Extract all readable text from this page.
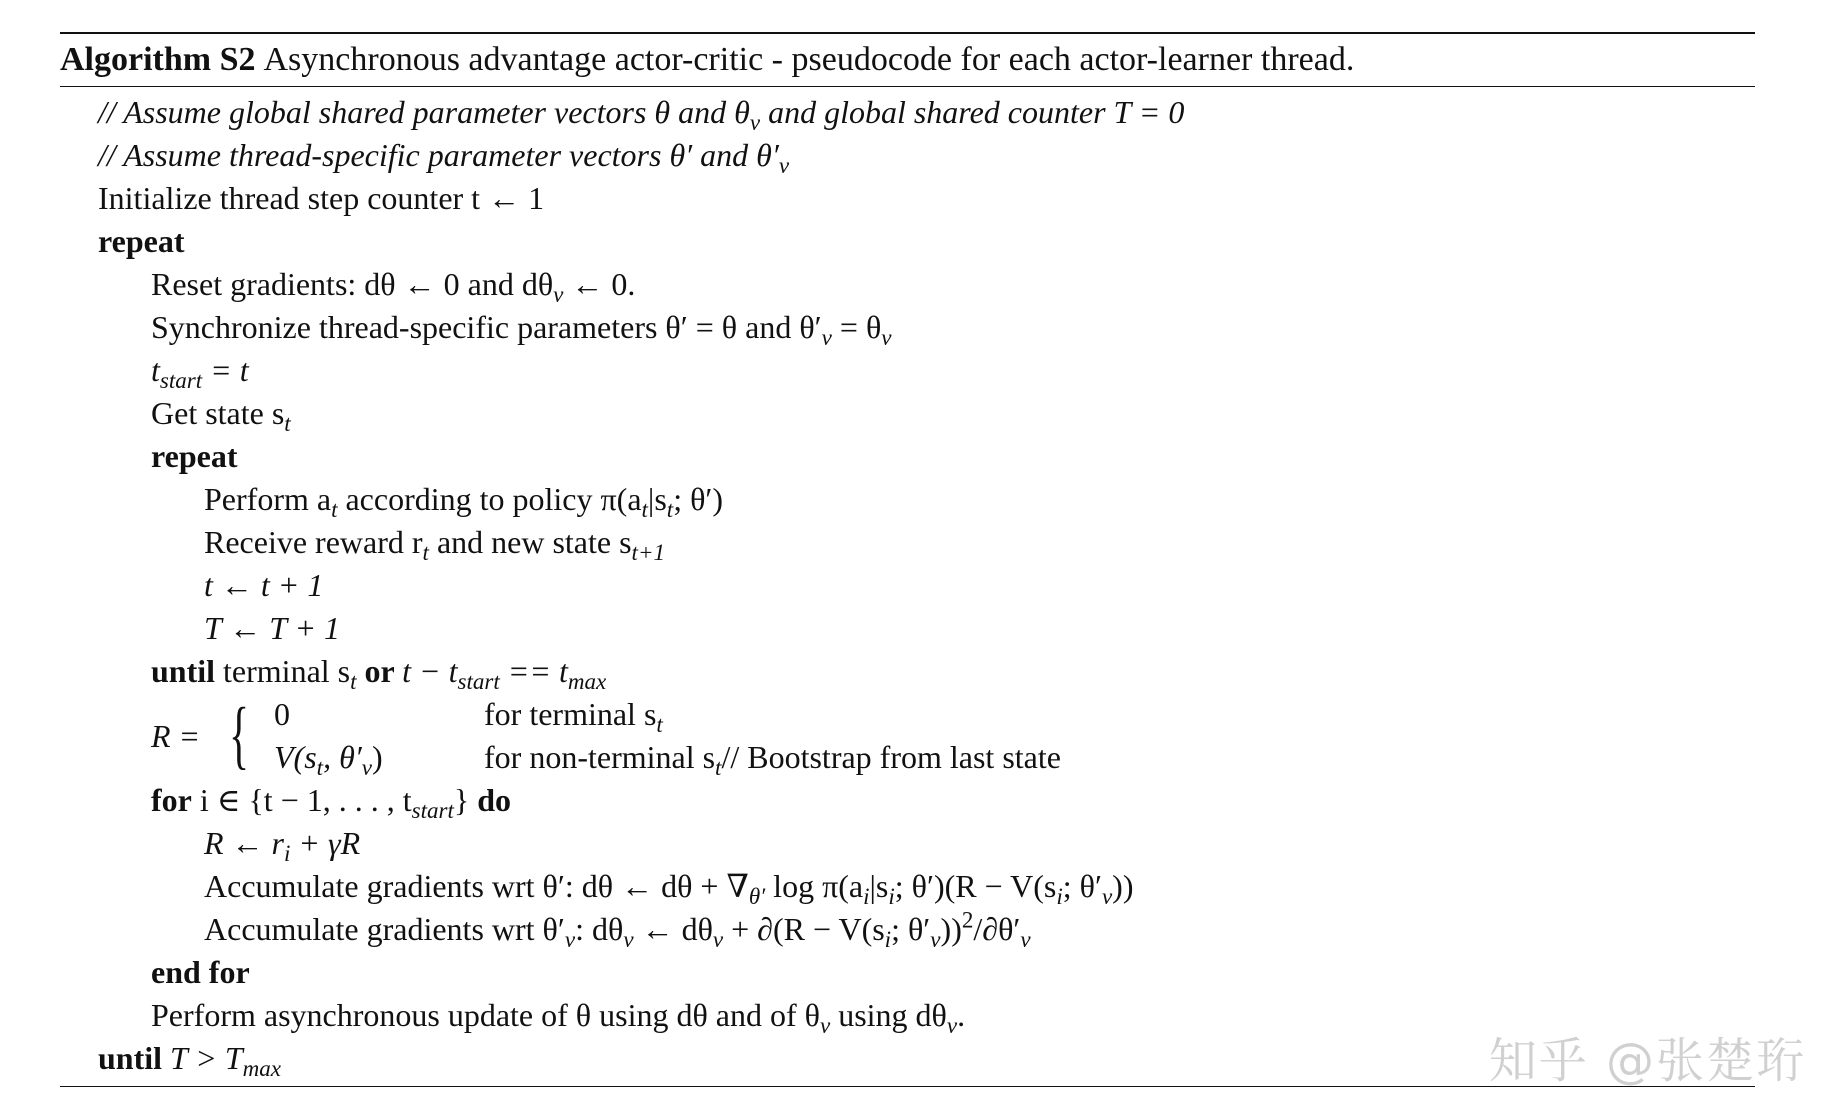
Algorithm S2 Asynchronous advantage actor-critic - pseudocode for each actor-learner thread.
// Assume global shared parameter vectors θ and $\theta_v$ and global shared counter T = 0
// Assume thread-specific parameter vectors θ′ and $\theta'_v$
Initialize thread step counter t ← 1
repeat
Reset gradients: dθ ← 0 and $d\theta_v$ ← 0.
Synchronize thread-specific parameters θ′ = θ and $\theta'_v = \theta_v$
$t_{start} = t$
Get state $s_t$
repeat
Perform $a_t$ according to policy $\pi(a_t|s_t$; θ′)
Receive reward $r_t$ and new state $s_{t+1}$
t ← t + 1
T ← T + 1
until terminal $s_t$ or $t - t_{start} == t_{max}$
R = { 0	for terminal $s_t$
$V(s_t$, $\theta'_v$)	for non-terminal $s_t//$ Bootstrap from last state
for i ∈ {t − 1, . . . , $t_{start}$} do
R ← $r_i + \gamma R$
Accumulate gradients wrt θ′: dθ ← $d\theta + \nabla_{\theta'}$ $\log \pi(a_i|s_i$; $\theta')(R - V(s_i$; $\theta'_v$))
Accumulate gradients wrt $\theta'_v$: $d\theta_v$ ← $d\theta_v + \partial(R - V(s_i$; $\theta'_v))^2/\partial\theta'_v$
end for
Perform asynchronous update of θ using dθ and of $\theta_v$ using $d\theta_v$.
until $T > T_{max}$	知乎 @张楚珩
